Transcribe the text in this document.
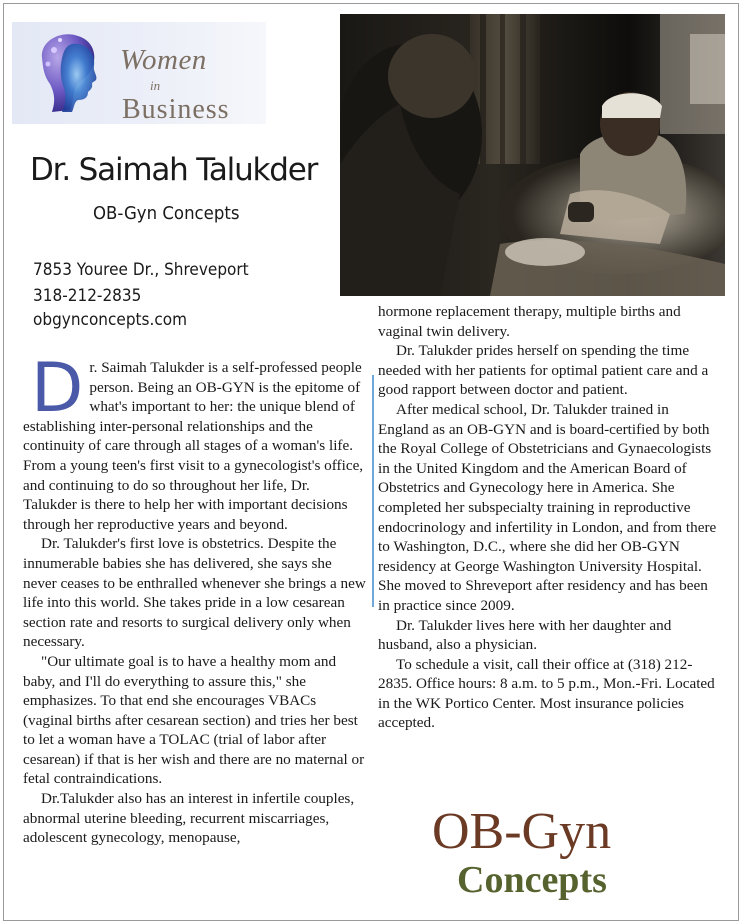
Women
in
Business
Dr. Saimah Talukder
OB-Gyn Concepts
7853 Youree Dr., Shreveport
318-212-2835
obgynconcepts.com

Dr. Saimah Talukder is a self-professed people person. Being an OB-GYN is the epitome of what's important to her: the unique blend of establishing inter-personal relationships and the continuity of care through all stages of a woman's life. From a young teen's first visit to a gynecologist's office, and continuing to do so throughout her life, Dr. Talukder is there to help her with important decisions through her reproductive years and beyond.

Dr. Talukder's first love is obstetrics. Despite the innumerable babies she has delivered, she says she never ceases to be enthralled whenever she brings a new life into this world. She takes pride in a low cesarean section rate and resorts to surgical delivery only when necessary.

"Our ultimate goal is to have a healthy mom and baby, and I'll do everything to assure this," she emphasizes. To that end she encourages VBACs (vaginal births after cesarean section) and tries her best to let a woman have a TOLAC (trial of labor after cesarean) if that is her wish and there are no maternal or fetal contraindications.

Dr.Talukder also has an interest in infertile couples, abnormal uterine bleeding, recurrent miscarriages, adolescent gynecology, menopause,

hormone replacement therapy, multiple births and vaginal twin delivery.

Dr. Talukder prides herself on spending the time needed with her patients for optimal patient care and a good rapport between doctor and patient.

After medical school, Dr. Talukder trained in England as an OB-GYN and is board-certified by both the Royal College of Obstetricians and Gynaecologists in the United Kingdom and the American Board of Obstetrics and Gynecology here in America. She completed her subspecialty training in reproductive endocrinology and infertility in London, and from there to Washington, D.C., where she did her OB-GYN residency at George Washington University Hospital. She moved to Shreveport after residency and has been in practice since 2009.

Dr. Talukder lives here with her daughter and husband, also a physician.

To schedule a visit, call their office at (318) 212-2835. Office hours: 8 a.m. to 5 p.m., Mon.-Fri. Located in the WK Portico Center. Most insurance policies accepted.

OB-Gyn
Concepts
